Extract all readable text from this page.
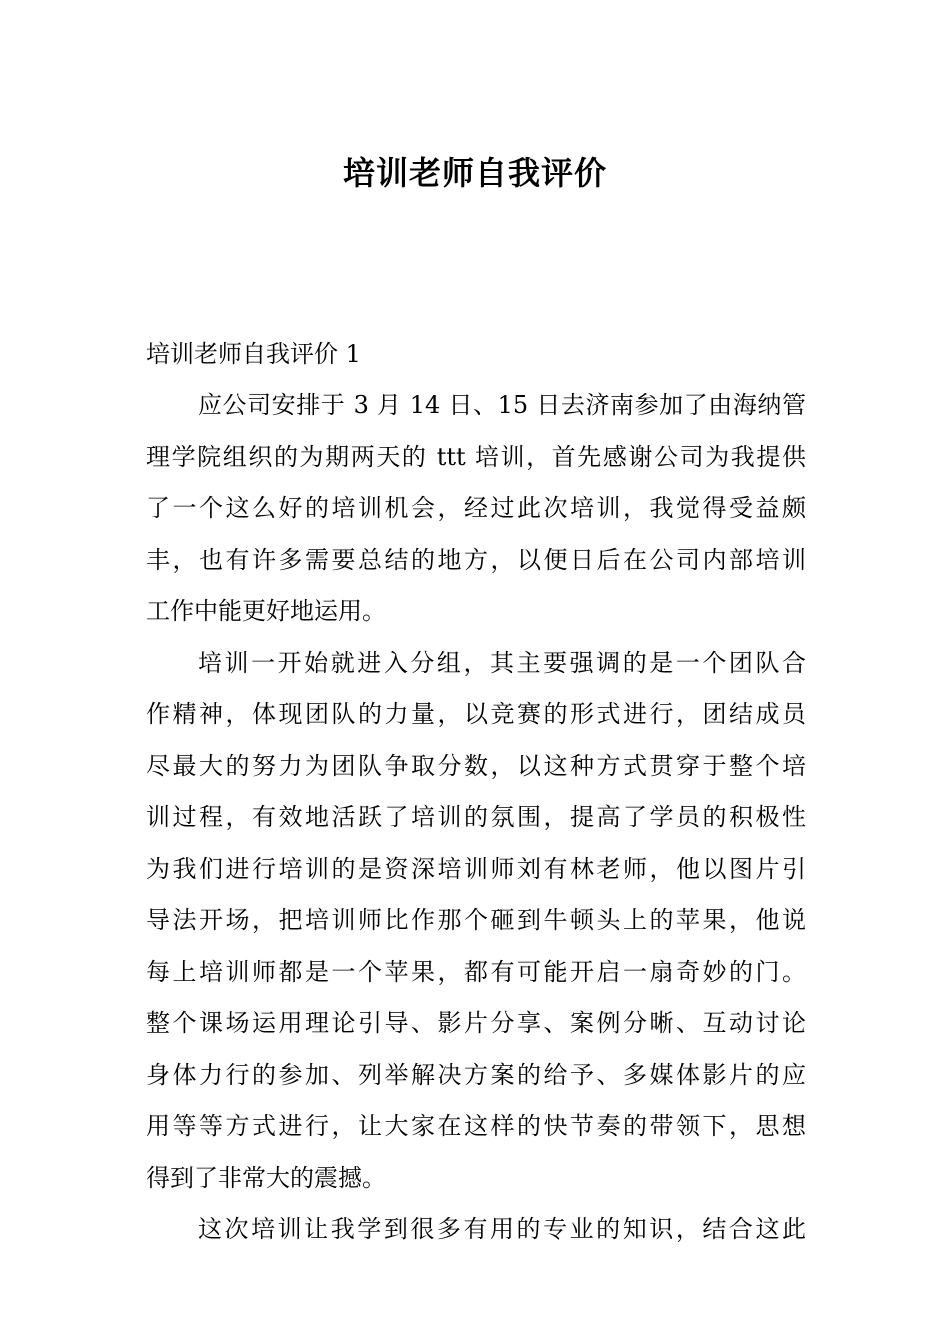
培训老师自我评价

培训老师自我评价 1

应公司安排于 3 月 14 日、15 日去济南参加了由海纳管

理学院组织的为期两天的 ttt 培训，首先感谢公司为我提供

了一个这么好的培训机会，经过此次培训，我觉得受益颇

丰，也有许多需要总结的地方，以便日后在公司内部培训

工作中能更好地运用。

培训一开始就进入分组，其主要强调的是一个团队合

作精神，体现团队的力量，以竞赛的形式进行，团结成员

尽最大的努力为团队争取分数，以这种方式贯穿于整个培

训过程，有效地活跃了培训的氛围，提高了学员的积极性

为我们进行培训的是资深培训师刘有林老师，他以图片引

导法开场，把培训师比作那个砸到牛顿头上的苹果，他说

每上培训师都是一个苹果，都有可能开启一扇奇妙的门。

整个课场运用理论引导、影片分享、案例分晰、互动讨论

身体力行的参加、列举解决方案的给予、多媒体影片的应

用等等方式进行，让大家在这样的快节奏的带领下，思想

得到了非常大的震撼。

这次培训让我学到很多有用的专业的知识，结合这此
